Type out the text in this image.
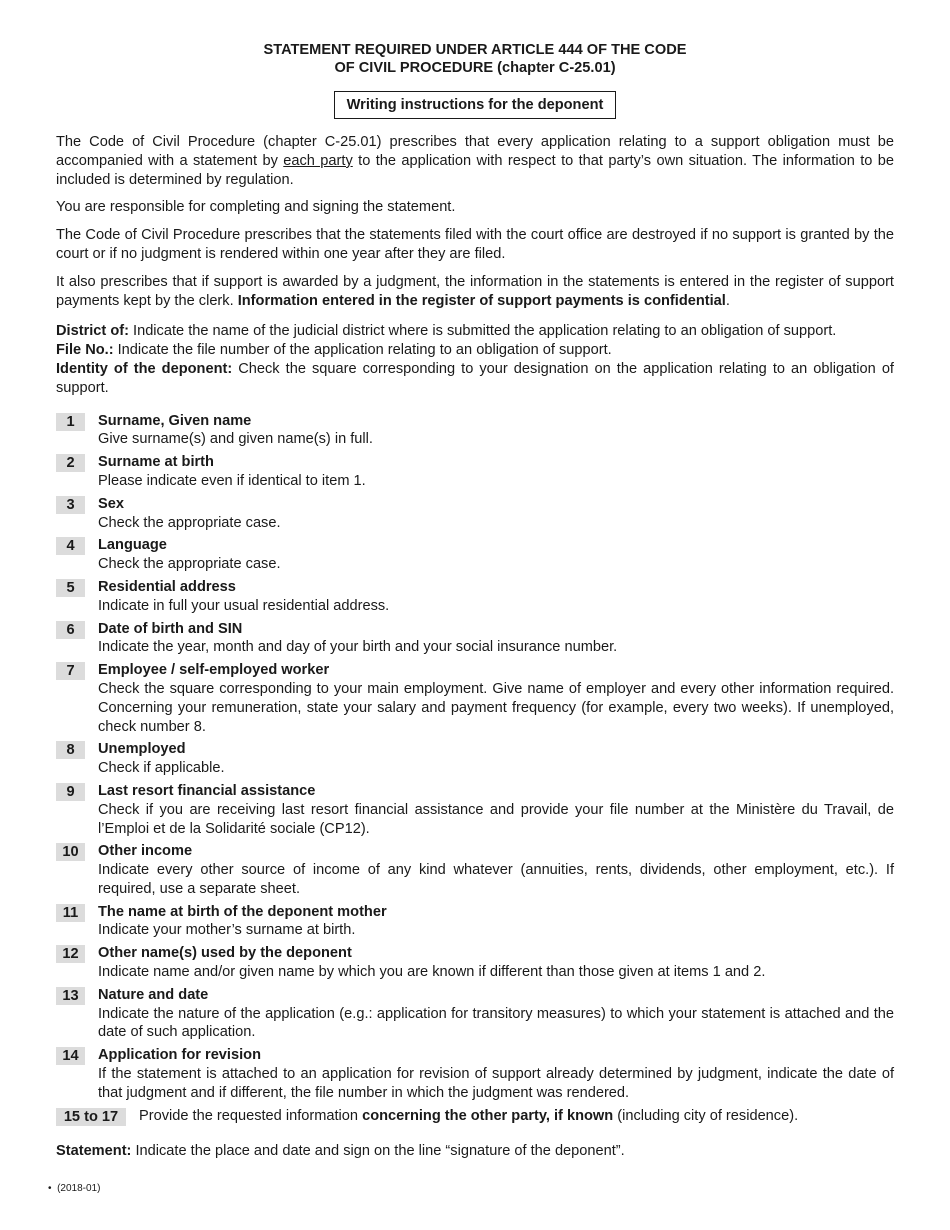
STATEMENT REQUIRED UNDER ARTICLE 444 OF THE CODE
OF CIVIL PROCEDURE (chapter C-25.01)
Writing instructions for the deponent

The Code of Civil Procedure (chapter C-25.01) prescribes that every application relating to a support obligation must be accompanied with a statement by each party to the application with respect to that party’s own situation. The information to be included is determined by regulation.

You are responsible for completing and signing the statement.

The Code of Civil Procedure prescribes that the statements filed with the court office are destroyed if no support is granted by the court or if no judgment is rendered within one year after they are filed.

It also prescribes that if support is awarded by a judgment, the information in the statements is entered in the register of support payments kept by the clerk. Information entered in the register of support payments is confidential.

District of: Indicate the name of the judicial district where is submitted the application relating to an obligation of support.

File No.: Indicate the file number of the application relating to an obligation of support.

Identity of the deponent: Check the square corresponding to your designation on the application relating to an obligation of support.

1	Surname, Given name
Give surname(s) and given name(s) in full.
2	Surname at birth
Please indicate even if identical to item 1.
3	Sex
Check the appropriate case.
4	Language
Check the appropriate case.
5	Residential address
Indicate in full your usual residential address.
6	Date of birth and SIN
Indicate the year, month and day of your birth and your social insurance number.
7	Employee / self-employed worker
Check the square corresponding to your main employment. Give name of employer and every other information required. Concerning your remuneration, state your salary and payment frequency (for example, every two weeks). If unemployed, check number 8.
8	Unemployed
Check if applicable.
9	Last resort financial assistance
Check if you are receiving last resort financial assistance and provide your file number at the Ministère du Travail, de l’Emploi et de la Solidarité sociale (CP12).
10	Other income
Indicate every other source of income of any kind whatever (annuities, rents, dividends, other employment, etc.). If required, use a separate sheet.
11	The name at birth of the deponent mother
Indicate your mother’s surname at birth.
12	Other name(s) used by the deponent
Indicate name and/or given name by which you are known if different than those given at items 1 and 2.
13	Nature and date
Indicate the nature of the application (e.g.: application for transitory measures) to which your statement is attached and the date of such application.
14	Application for revision
If the statement is attached to an application for revision of support already determined by judgment, indicate the date of that judgment and if different, the file number in which the judgment was rendered.
15 to 17	Provide the requested information concerning the other party, if known (including city of residence).

Statement: Indicate the place and date and sign on the line “signature of the deponent”.

• (2018-01)
